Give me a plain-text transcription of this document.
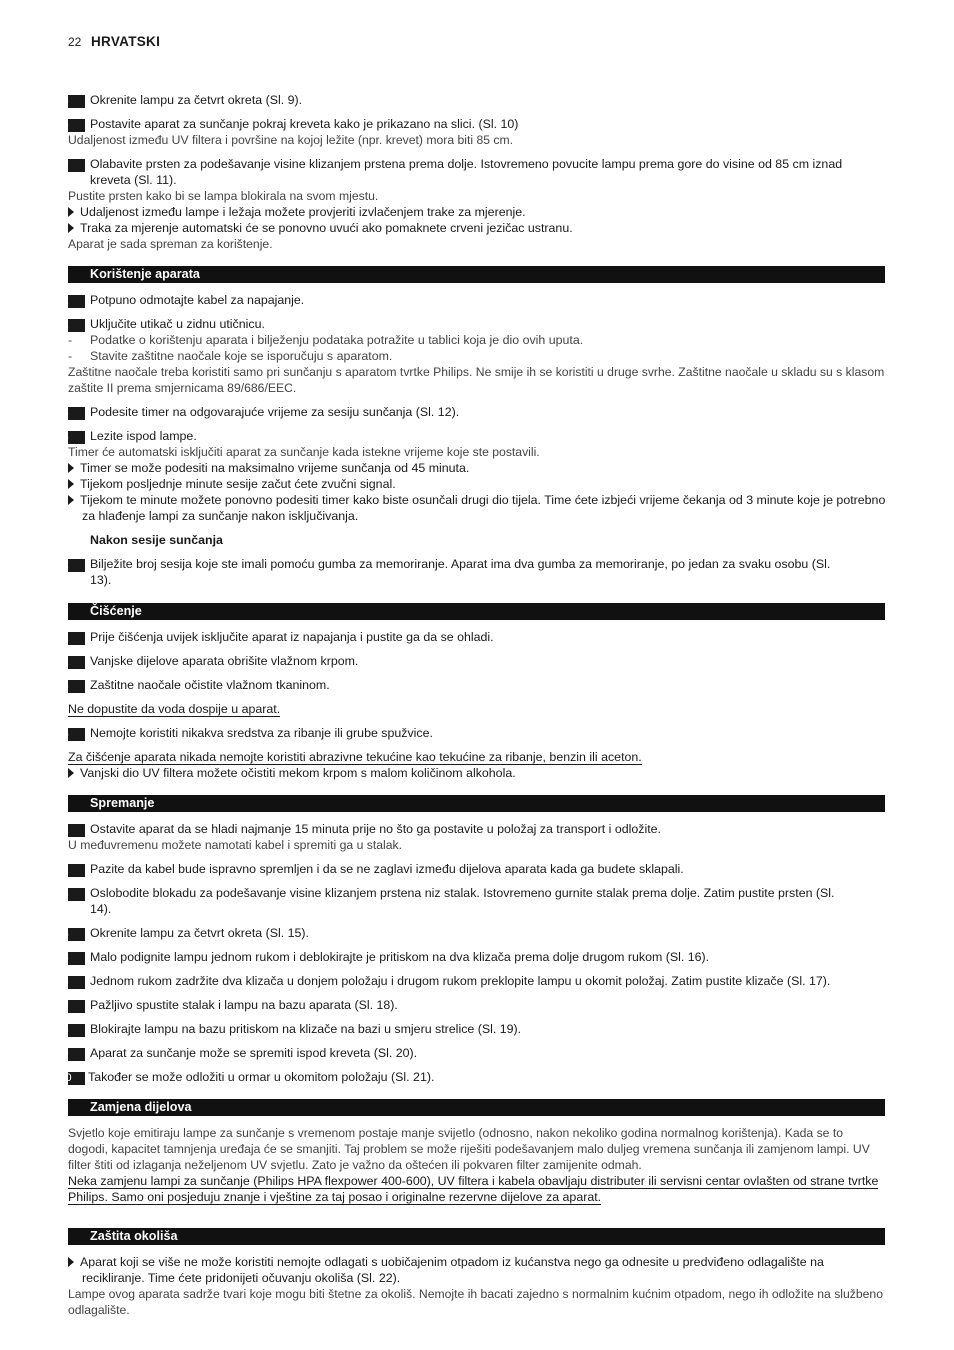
22 HRVATSKI
5 Okrenite lampu za četvrt okreta (Sl. 9).
6 Postavite aparat za sunčanje pokraj kreveta kako je prikazano na slici. (Sl. 10)
Udaljenost između UV filtera i površine na kojoj ležite (npr. krevet) mora biti 85 cm.
7 Olabavite prsten za podešavanje visine klizanjem prstena prema dolje. Istovremeno povucite lampu prema gore do visine od 85 cm iznad kreveta (Sl. 11).
Pustite prsten kako bi se lampa blokirala na svom mjestu.
Udaljenost između lampe i ležaja možete provjeriti izvlačenjem trake za mjerenje.
Traka za mjerenje automatski će se ponovno uvući ako pomaknete crveni jezičac ustranu.
Aparat je sada spreman za korištenje.
Korištenje aparata
1 Potpuno odmotajte kabel za napajanje.
2 Uključite utikač u zidnu utičnicu.
- Podatke o korištenju aparata i bilježenju podataka potražite u tablici koja je dio ovih uputa.
- Stavite zaštitne naočale koje se isporučuju s aparatom.
Zaštitne naočale treba koristiti samo pri sunčanju s aparatom tvrtke Philips. Ne smije ih se koristiti u druge svrhe. Zaštitne naočale u skladu su s klasom zaštite II prema smjernicama 89/686/EEC.
3 Podesite timer na odgovarajuće vrijeme za sesiju sunčanja (Sl. 12).
4 Lezite ispod lampe.
Timer će automatski isključiti aparat za sunčanje kada istekne vrijeme koje ste postavili.
Timer se može podesiti na maksimalno vrijeme sunčanja od 45 minuta.
Tijekom posljednje minute sesije začut ćete zvučni signal.
Tijekom te minute možete ponovno podesiti timer kako biste osunčali drugi dio tijela. Time ćete izbjeći vrijeme čekanja od 3 minute koje je potrebno za hlađenje lampi za sunčanje nakon isključivanja.
Nakon sesije sunčanja
1 Bilježite broj sesija koje ste imali pomoću gumba za memoriranje. Aparat ima dva gumba za memoriranje, po jedan za svaku osobu (Sl. 13).
Čišćenje
1 Prije čišćenja uvijek isključite aparat iz napajanja i pustite ga da se ohladi.
2 Vanjske dijelove aparata obrišite vlažnom krpom.
3 Zaštitne naočale očistite vlažnom tkaninom.
Ne dopustite da voda dospije u aparat.
4 Nemojte koristiti nikakva sredstva za ribanje ili grube spužvice.
Za čišćenje aparata nikada nemojte koristiti abrazivne tekućine kao tekućine za ribanje, benzin ili aceton.
Vanjski dio UV filtera možete očistiti mekom krpom s malom količinom alkohola.
Spremanje
1 Ostavite aparat da se hladi najmanje 15 minuta prije no što ga postavite u položaj za transport i odložite.
U međuvremenu možete namotati kabel i spremiti ga u stalak.
2 Pazite da kabel bude ispravno spremljen i da se ne zaglavi između dijelova aparata kada ga budete sklapali.
3 Oslobodite blokadu za podešavanje visine klizanjem prstena niz stalak. Istovremeno gurnite stalak prema dolje. Zatim pustite prsten (Sl. 14).
4 Okrenite lampu za četvrt okreta (Sl. 15).
5 Malo podignite lampu jednom rukom i deblokirajte je pritiskom na dva klizača prema dolje drugom rukom (Sl. 16).
6 Jednom rukom zadržite dva klizača u donjem položaju i drugom rukom preklopite lampu u okomit položaj. Zatim pustite klizače (Sl. 17).
7 Pažljivo spustite stalak i lampu na bazu aparata (Sl. 18).
8 Blokirajte lampu na bazu pritiskom na klizače na bazi u smjeru strelice (Sl. 19).
9 Aparat za sunčanje može se spremiti ispod kreveta (Sl. 20).
10 Također se može odložiti u ormar u okomitom položaju (Sl. 21).
Zamjena dijelova
Svjetlo koje emitiraju lampe za sunčanje s vremenom postaje manje svijetlo (odnosno, nakon nekoliko godina normalnog korištenja). Kada se to dogodi, kapacitet tamnjenja uređaja će se smanjiti. Taj problem se može riješiti podešavanjem malo duljeg vremena sunčanja ili zamjenom lampi. UV filter štiti od izlaganja neželjenom UV svjetlu. Zato je važno da oštećen ili pokvaren filter zamijenite odmah.
Neka zamjenu lampi za sunčanje (Philips HPA flexpower 400-600), UV filtera i kabela obavljaju distributer ili servisni centar ovlašten od strane tvrtke Philips. Samo oni posjeduju znanje i vještine za taj posao i originalne rezervne dijelove za aparat.
Zaštita okoliša
Aparat koji se više ne može koristiti nemojte odlagati s uobičajenim otpadom iz kućanstva nego ga odnesite u predviđeno odlagalište na recikliranje. Time ćete pridonijeti očuvanju okoliša (Sl. 22).
Lampe ovog aparata sadrže tvari koje mogu biti štetne za okoliš. Nemojte ih bacati zajedno s normalnim kućnim otpadom, nego ih odložite na službeno odlagalište.
